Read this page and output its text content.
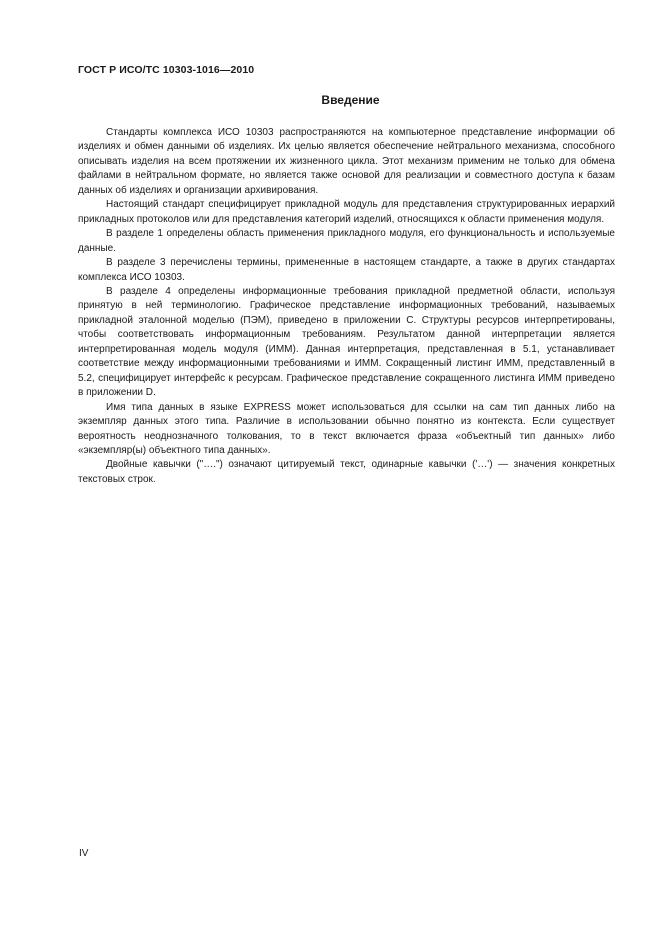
ГОСТ Р ИСО/ТС 10303-1016—2010
Введение

Стандарты комплекса ИСО 10303 распространяются на компьютерное представление информации об изделиях и обмен данными об изделиях. Их целью является обеспечение нейтрального механизма, способного описывать изделия на всем протяжении их жизненного цикла. Этот механизм применим не только для обмена файлами в нейтральном формате, но является также основой для реализации и совместного доступа к базам данных об изделиях и организации архивирования.

Настоящий стандарт специфицирует прикладной модуль для представления структурированных иерархий прикладных протоколов или для представления категорий изделий, относящихся к области применения модуля.

В разделе 1 определены область применения прикладного модуля, его функциональность и используемые данные.

В разделе 3 перечислены термины, примененные в настоящем стандарте, а также в других стандартах комплекса ИСО 10303.

В разделе 4 определены информационные требования прикладной предметной области, используя принятую в ней терминологию. Графическое представление информационных требований, называемых прикладной эталонной моделью (ПЭМ), приведено в приложении С. Структуры ресурсов интерпретированы, чтобы соответствовать информационным требованиям. Результатом данной интерпретации является интерпретированная модель модуля (ИММ). Данная интерпретация, представленная в 5.1, устанавливает соответствие между информационными требованиями и ИММ. Сокращенный листинг ИММ, представленный в 5.2, специфицирует интерфейс к ресурсам. Графическое представление сокращенного листинга ИММ приведено в приложении D.

Имя типа данных в языке EXPRESS может использоваться для ссылки на сам тип данных либо на экземпляр данных этого типа. Различие в использовании обычно понятно из контекста. Если существует вероятность неоднозначного толкования, то в текст включается фраза «объектный тип данных» либо «экземпляр(ы) объектного типа данных».

Двойные кавычки ("….") означают цитируемый текст, одинарные кавычки ('…') — значения конкретных текстовых строк.

IV
